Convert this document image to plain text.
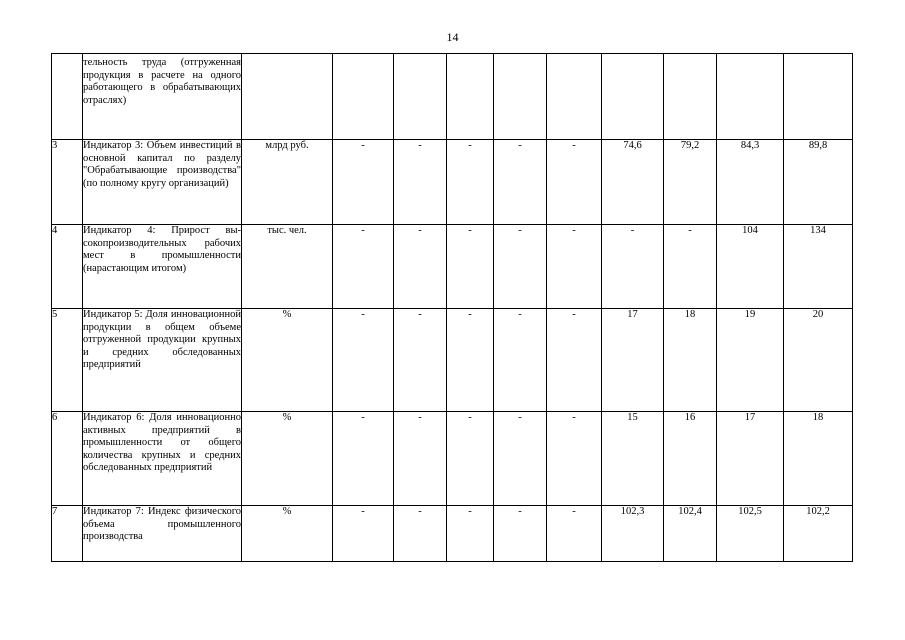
14
	тельность труда (отгруженная продукция в расчете на одного работающего в обрабатывающих отраслях)										
3	Индикатор 3: Объем инвестиций в основной капитал по разделу "Обрабатывающие производства" (по полному кругу организаций)	млрд руб.	-	-	-	-	-	74,6	79,2	84,3	89,8
4	Индикатор 4: Прирост высокопроизводительных рабочих мест в промышленности (нарастающим итогом)	тыс. чел.	-	-	-	-	-	-	-	104	134
5	Индикатор 5: Доля инновационной продукции в общем объеме отгруженной продукции крупных и средних обследованных предприятий	%	-	-	-	-	-	17	18	19	20
6	Индикатор 6: Доля инновационно активных предприятий в промышленности от общего количества крупных и средних обследованных предприятий	%	-	-	-	-	-	15	16	17	18
7	Индикатор 7: Индекс физического объема промышленного производства	%	-	-	-	-	-	102,3	102,4	102,5	102,2
